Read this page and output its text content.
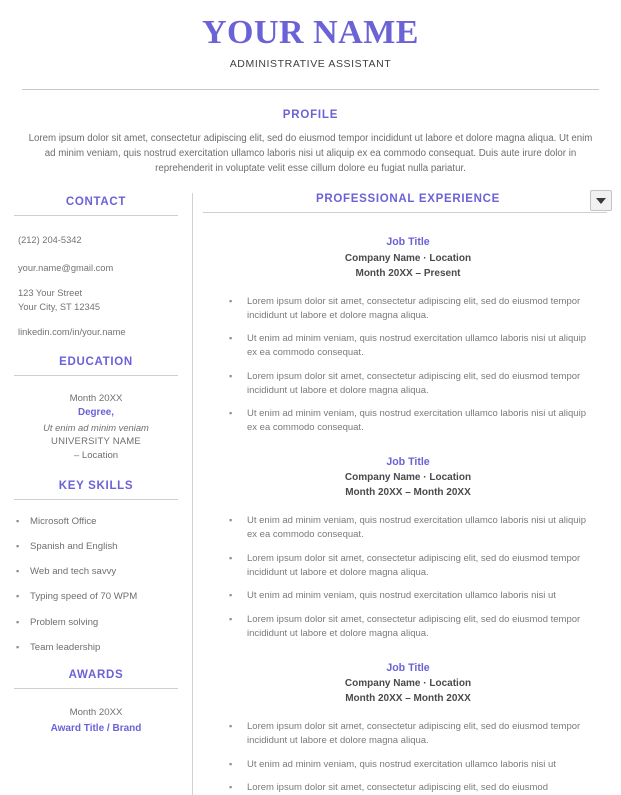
YOUR NAME
ADMINISTRATIVE ASSISTANT
PROFILE
Lorem ipsum dolor sit amet, consectetur adipiscing elit, sed do eiusmod tempor incididunt ut labore et dolore magna aliqua. Ut enim ad minim veniam, quis nostrud exercitation ullamco laboris nisi ut aliquip ex ea commodo consequat. Duis aute irure dolor in reprehenderit in voluptate velit esse cillum dolore eu fugiat nulla pariatur.
CONTACT
(212) 204-5342
your.name@gmail.com
123 Your Street
Your City, ST 12345
linkedin.com/in/your.name
EDUCATION
Month 20XX
Degree,
Ut enim ad minim veniam
UNIVERSITY NAME
– Location
KEY SKILLS
▪	Microsoft Office
▪	Spanish and English
▪	Web and tech savvy
▪	Typing speed of 70 WPM
▪	Problem solving
▪	Team leadership
AWARDS
Month 20XX
Award Title / Brand
PROFESSIONAL EXPERIENCE
Job Title
Company Name · Location
Month 20XX – Present
▪	Lorem ipsum dolor sit amet, consectetur adipiscing elit, sed do eiusmod tempor incididunt ut labore et dolore magna aliqua.
▪	Ut enim ad minim veniam, quis nostrud exercitation ullamco laboris nisi ut aliquip ex ea commodo consequat.
▪	Lorem ipsum dolor sit amet, consectetur adipiscing elit, sed do eiusmod tempor incididunt ut labore et dolore magna aliqua.
▪	Ut enim ad minim veniam, quis nostrud exercitation ullamco laboris nisi ut aliquip ex ea commodo consequat.
Job Title
Company Name · Location
Month 20XX – Month 20XX
▪	Ut enim ad minim veniam, quis nostrud exercitation ullamco laboris nisi ut aliquip ex ea commodo consequat.
▪	Lorem ipsum dolor sit amet, consectetur adipiscing elit, sed do eiusmod tempor incididunt ut labore et dolore magna aliqua.
▪	Ut enim ad minim veniam, quis nostrud exercitation ullamco laboris nisi ut
▪	Lorem ipsum dolor sit amet, consectetur adipiscing elit, sed do eiusmod tempor incididunt ut labore et dolore magna aliqua.
Job Title
Company Name · Location
Month 20XX – Month 20XX
▪	Lorem ipsum dolor sit amet, consectetur adipiscing elit, sed do eiusmod tempor incididunt ut labore et dolore magna aliqua.
▪	Ut enim ad minim veniam, quis nostrud exercitation ullamco laboris nisi ut
▪	Lorem ipsum dolor sit amet, consectetur adipiscing elit, sed do eiusmod
